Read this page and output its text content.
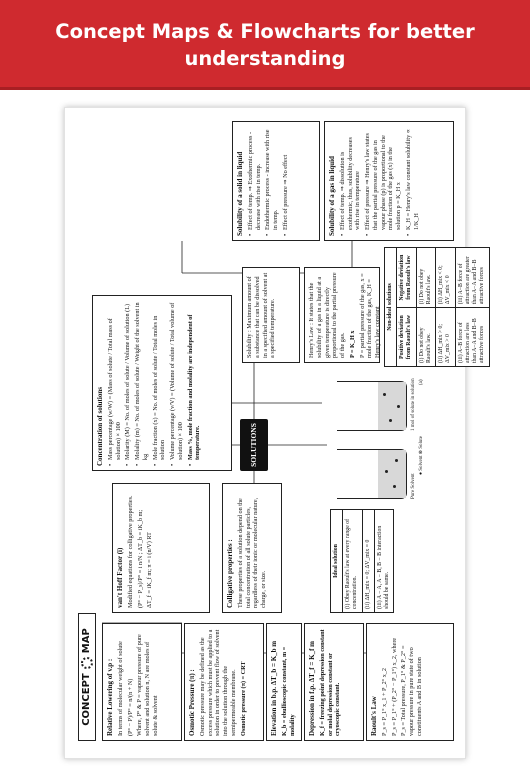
Concept Maps & Flowcharts for better
understanding
CONCEPT
MAP
SOLUTIONS

Relative Lowering of v.p : In terms of molecular weight of solute (P° − P)/P° = n/(n + N) Where, P° & P = vapour pressure of pure solvent and solution n, N are moles of solute & solvent	Osmotic Pressure (π) : Osmotic pressure may be defined as the excess pressure which must be applied to a solution in order to prevent flow of solvent into the solution through the semipermeable membrane. Osmotic pressure (π) = CRT	Elevation in b.p. ΔT_b = K_b m K_b = ebullioscopic constant, m = molality Depression in f.p. ΔT_f = K_f m K_f = freezing point depression constant or molal depression constant or cryoscopic constant.	Raoult's Law P_s = P_1° x_1 + P_2° x_2 P_s = P_1° + (P_2° − P_1°) x_2, where P_s = Total pressure, P_1° & P_2° = vapour pressure in pure state of two constituents A and B in solution

van't Hoff Factor (i) Modified equations for colligative properties. (P° − P_s)/P° = i n/N ; ΔT_b = iK_b m; ΔT_f = iK_f m; π = i (n/V) RT	Colligative properties : These properties of a solution depend on the total concentration of all solute particles, regardless of their ionic or molecular nature, charge, or size.

Concentration of solutions • Mass percentage (w/W) = (Mass of solute / Total mass of solution) × 100 • Molarity (M) = No. of moles of solute / Volume of solution (L) • Molality (m) = No. of moles of solute / Weight of the solvent in kg • Mole fraction (x) = No. of moles of solute / Total moles in solution • Volume percentage (v/V) = (Volume of solute / Total volume of solution) × 100 • Mass %, mole fraction and molality are independent of temperature.

Solubility : Maximum amount of a substance that can be dissolved in a specified amount of solvent at a specified temperature.	Henry's Law : It states that the solubility of a gas in a liquid at a given temperature is directly proportional to the partial pressure of the gas. P = K_H x P = partial pressure of the gas, x = mole fraction of the gas, K_H = Henry's law constant

Solubility of a solid in liquid • Effect of temp. ⇒ Exothermic process - decrease with rise in temp. • Endothermic process - increase with rise in temp. • Effect of pressure ⇒ No effect	Solubility of a gas in liquid • Effect of temp. ⇒ dissolution is exothermic, thus, solubility decreases with rise in temperature • Effect of pressure ⇒ Henry's law states that the partial pressure of the gas in vapour phase (p) is proportional to the mole fraction of the gas (x) in the solution p = K_H x • K_H = Henry's law constant solubility ∝ 1/K_H
Pure Solvent
1 mol of solute in solution
● Solvent ⊗ Solute
(a)
Ideal solution
(i) Obey Raoult's law at every range of concentration.
(ii) ΔH_mix = 0; ΔV_mix = 0
(iii) A − A, A − B, B − B interaction should be same.
Non-ideal solutions	
Positive deviation from Raoult's law	Negative deviation from Raoult's law
(i) Do not obey Raoult's law.	(i) Do not obey Raoult's law.
(ii) ΔH_mix > 0; ΔV_mix > 0	(ii) ΔH_mix < 0; ΔV_mix < 0
(iii) A−B force of attraction are less than A−A and B−B attractive forces	(iii) A−B force of attraction are greater than A−A and B−B attractive forces
